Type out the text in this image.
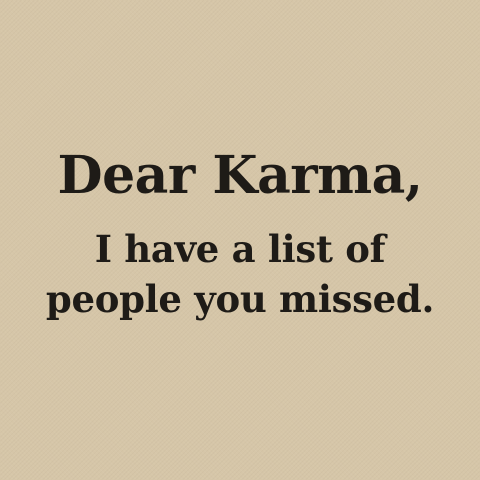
Dear Karma,
I have a list of
people you missed.
